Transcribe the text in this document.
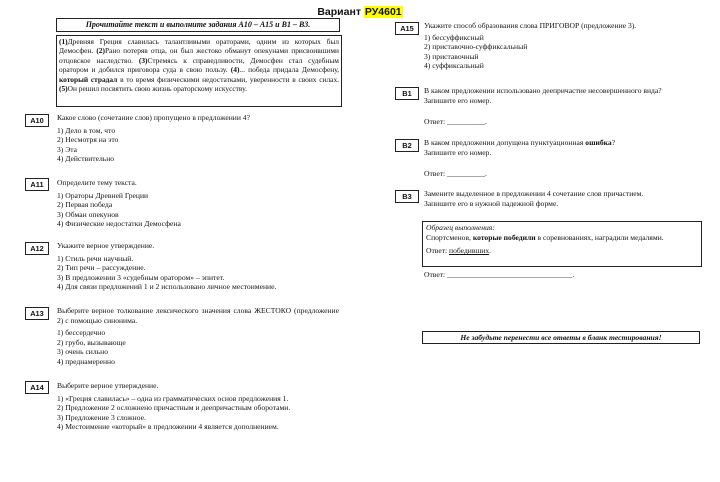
Вариант РУ4601
Прочитайте текст и выполните задания А10 – А15 и В1 – В3.
(1)Древняя Греция славилась талантливыми ораторами, одним из которых был Демосфен. (2)Рано потеряв отца, он был жестоко обманут опекунами присвоившими отцовское наследство. (3)Стремясь к справедливости, Демосфен стал судебным оратором и добился приговора суда в свою пользу. (4)... победа придала Демосфену, который страдал в то время физическими недостатками, уверенности в своих силах. (5)Он решил посвятить свою жизнь ораторскому искусству.
А10	Какое слово (сочетание слов) пропущено в предложении 4?
1) Дело в том, что
2) Несмотря на это
3) Эта
4) Действительно
А11	Определите тему текста.
1) Ораторы Древней Греции
2) Первая победа
3) Обман опекунов
4) Физические недостатки Демосфена
А12	Укажите верное утверждение.
1) Стиль речи научный.
2) Тип речи – рассуждение.
3) В предложении 3 «судебным оратором» – эпитет.
4) Для связи предложений 1 и 2 использовано личное местоимение.
А13	Выберите верное толкование лексического значения слова ЖЕСТОКО (предложение 2) с помощью синонима.
1) бессердечно
2) грубо, вызывающе
3) очень сильно
4) преднамеренно
А14	Выберите верное утверждение.
1) «Греция славилась» – одна из грамматических основ предложения 1.
2) Предложение 2 осложнено причастным и деепричастным оборотами.
3) Предложение 3 сложное.
4) Местоимение «который» в предложении 4 является дополнением.
А15	Укажите способ образования слова ПРИГОВОР (предложение 3).
1) бессуффиксный
2) приставочно-суффиксальный
3) приставочный
4) суффиксальный
В1	В каком предложении использовано деепричастие несовершенного вида?
Запишите его номер.
Ответ: __________.
В2	В каком предложении допущена пунктуационная ошибка?
Запишите его номер.
Ответ: __________.
В3	Замените выделенное в предложении 4 сочетание слов причастием.
Запишите его в нужной падежной форме.
Образец выполнения:
Спортсменов, которые победили в соревнованиях, наградили медалями.
Ответ: победивших.
Ответ: _________________________________.
Не забудьте перенести все ответы в бланк тестирования!
